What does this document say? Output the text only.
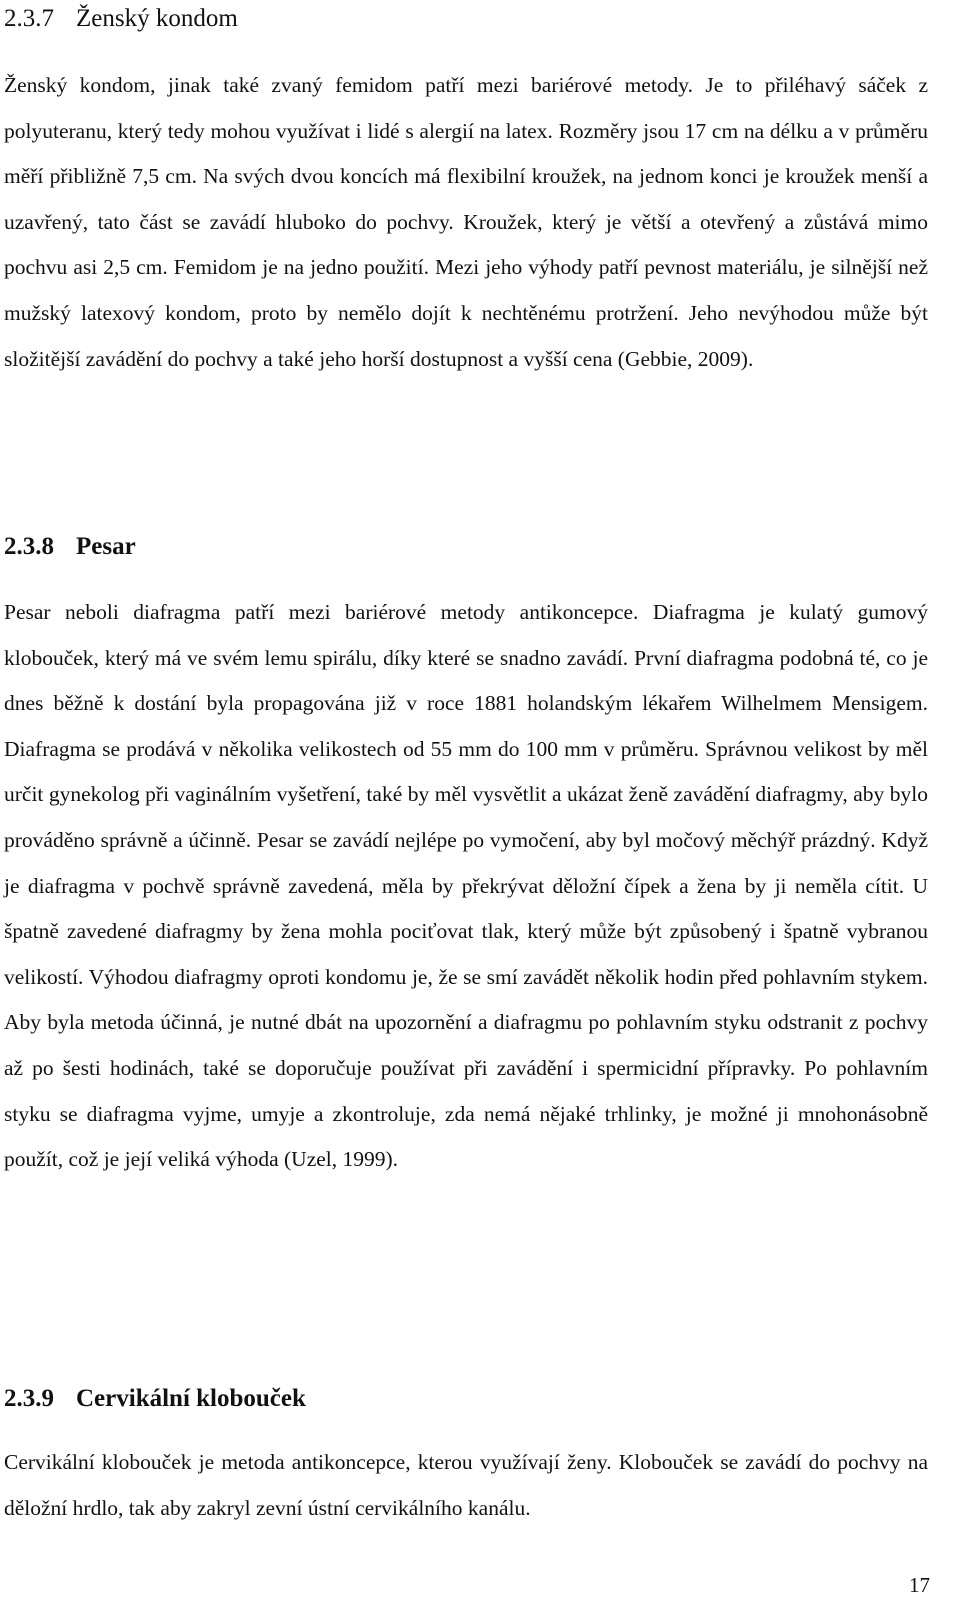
2.3.7 Ženský kondom

Ženský kondom, jinak také zvaný femidom patří mezi bariérové metody. Je to přiléhavý sáček z polyuteranu, který tedy mohou využívat i lidé s alergií na latex. Rozměry jsou 17 cm na délku a v průměru měří přibližně 7,5 cm. Na svých dvou koncích má flexibilní kroužek, na jednom konci je kroužek menší a uzavřený, tato část se zavádí hluboko do pochvy. Kroužek, který je větší a otevřený a zůstává mimo pochvu asi 2,5 cm. Femidom je na jedno použití. Mezi jeho výhody patří pevnost materiálu, je silnější než mužský latexový kondom, proto by nemělo dojít k nechtěnému protržení. Jeho nevýhodou může být složitější zavádění do pochvy a také jeho horší dostupnost a vyšší cena (Gebbie, 2009).

2.3.8 Pesar

Pesar neboli diafragma patří mezi bariérové metody antikoncepce. Diafragma je kulatý gumový klobouček, který má ve svém lemu spirálu, díky které se snadno zavádí. První diafragma podobná té, co je dnes běžně k dostání byla propagována již v roce 1881 holandským lékařem Wilhelmem Mensigem. Diafragma se prodává v několika velikostech od 55 mm do 100 mm v průměru. Správnou velikost by měl určit gynekolog při vaginálním vyšetření, také by měl vysvětlit a ukázat ženě zavádění diafragmy, aby bylo prováděno správně a účinně. Pesar se zavádí nejlépe po vymočení, aby byl močový měchýř prázdný. Když je diafragma v pochvě správně zavedená, měla by překrývat děložní čípek a žena by ji neměla cítit. U špatně zavedené diafragmy by žena mohla pociťovat tlak, který může být způsobený i špatně vybranou velikostí. Výhodou diafragmy oproti kondomu je, že se smí zavádět několik hodin před pohlavním stykem. Aby byla metoda účinná, je nutné dbát na upozornění a diafragmu po pohlavním styku odstranit z pochvy až po šesti hodinách, také se doporučuje používat při zavádění i spermicidní přípravky. Po pohlavním styku se diafragma vyjme, umyje a zkontroluje, zda nemá nějaké trhlinky, je možné ji mnohonásobně použít, což je její veliká výhoda (Uzel, 1999).

2.3.9 Cervikální klobouček

Cervikální klobouček je metoda antikoncepce, kterou využívají ženy. Klobouček se zavádí do pochvy na děložní hrdlo, tak aby zakryl zevní ústní cervikálního kanálu.

17
